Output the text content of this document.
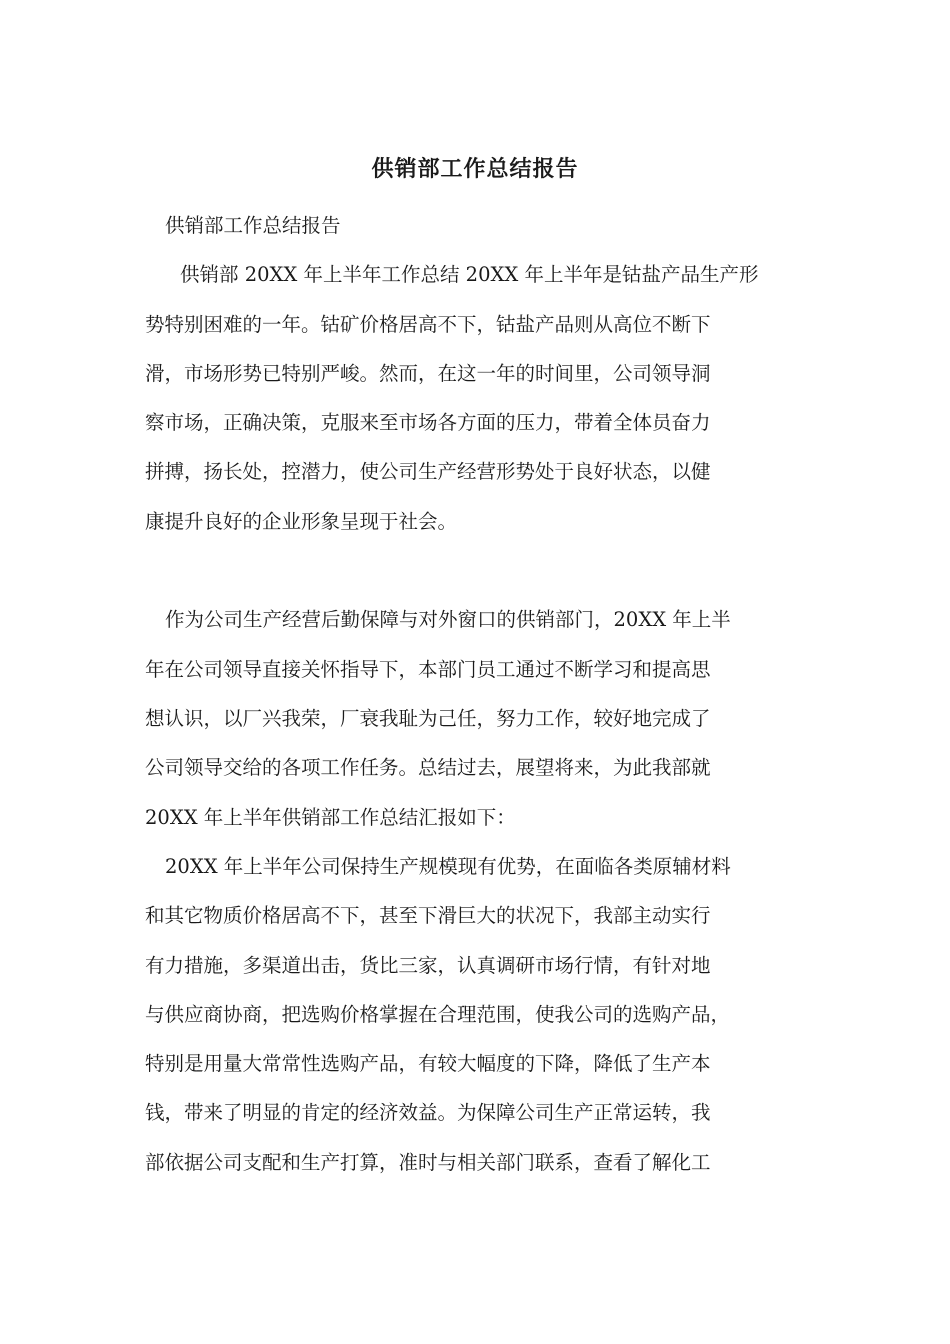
供销部工作总结报告

供销部工作总结报告

供销部 20XX 年上半年工作总结 20XX 年上半年是钴盐产品生产形

势特别困难的一年。钴矿价格居高不下，钴盐产品则从高位不断下

滑，市场形势已特别严峻。然而，在这一年的时间里，公司领导洞

察市场，正确决策，克服来至市场各方面的压力，带着全体员奋力

拼搏，扬长处，控潜力，使公司生产经营形势处于良好状态，以健

康提升良好的企业形象呈现于社会。

作为公司生产经营后勤保障与对外窗口的供销部门，20XX 年上半

年在公司领导直接关怀指导下，本部门员工通过不断学习和提高思

想认识，以厂兴我荣，厂衰我耻为己任，努力工作，较好地完成了

公司领导交给的各项工作任务。总结过去，展望将来，为此我部就

20XX 年上半年供销部工作总结汇报如下：

20XX 年上半年公司保持生产规模现有优势，在面临各类原辅材料

和其它物质价格居高不下，甚至下滑巨大的状况下，我部主动实行

有力措施，多渠道出击，货比三家，认真调研市场行情，有针对地

与供应商协商，把选购价格掌握在合理范围，使我公司的选购产品，

特别是用量大常常性选购产品，有较大幅度的下降，降低了生产本

钱，带来了明显的肯定的经济效益。为保障公司生产正常运转，我

部依据公司支配和生产打算，准时与相关部门联系，查看了解化工
